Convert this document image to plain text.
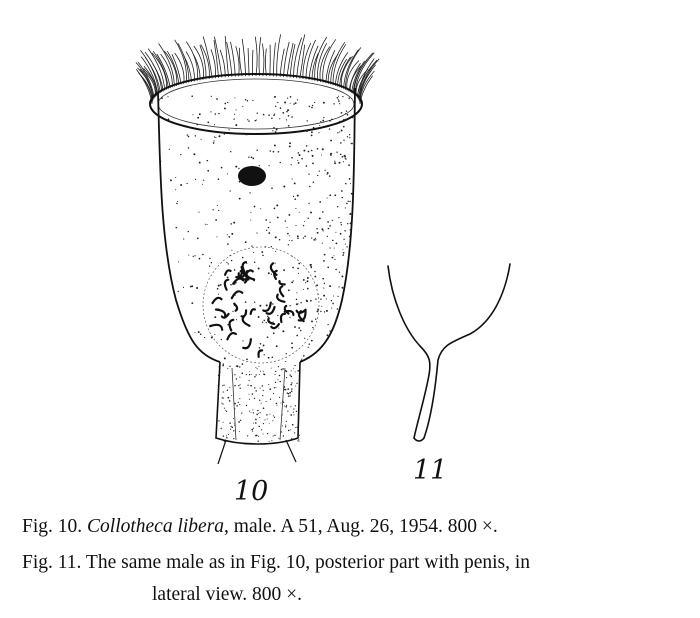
10
11
Fig. 10. Collotheca libera, male. A 51, Aug. 26, 1954. 800 ×.
Fig. 11. The same male as in Fig. 10, posterior part with penis, in
lateral view. 800 ×.
